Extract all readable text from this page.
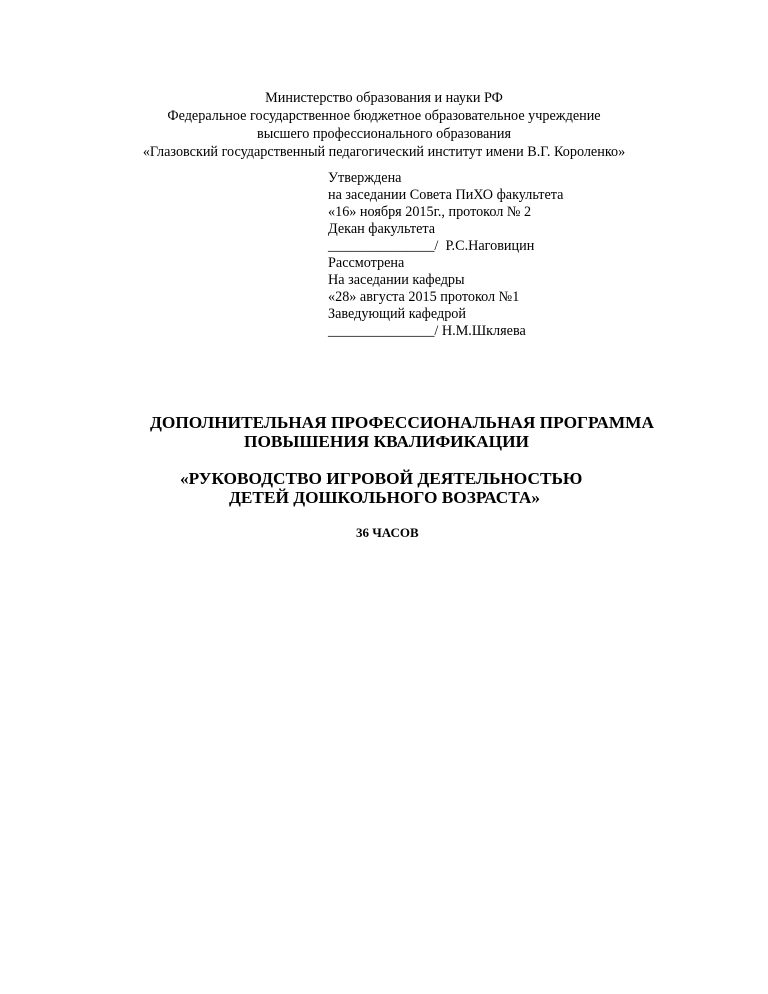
Министерство образования и науки РФ
Федеральное государственное бюджетное образовательное учреждение
высшего профессионального образования
«Глазовский государственный педагогический институт имени В.Г. Короленко»
Утверждена
на заседании Совета ПиХО факультета
«16» ноября 2015г., протокол № 2
Декан факультета
_______________/  Р.С.Наговицин
Рассмотрена
На заседании кафедры
«28» августа 2015 протокол №1
Заведующий кафедрой
_______________/ Н.М.Шкляева
ДОПОЛНИТЕЛЬНАЯ ПРОФЕССИОНАЛЬНАЯ ПРОГРАММА
ПОВЫШЕНИЯ КВАЛИФИКАЦИИ
«РУКОВОДСТВО ИГРОВОЙ ДЕЯТЕЛЬНОСТЬЮ
ДЕТЕЙ ДОШКОЛЬНОГО ВОЗРАСТА»
36 ЧАСОВ
